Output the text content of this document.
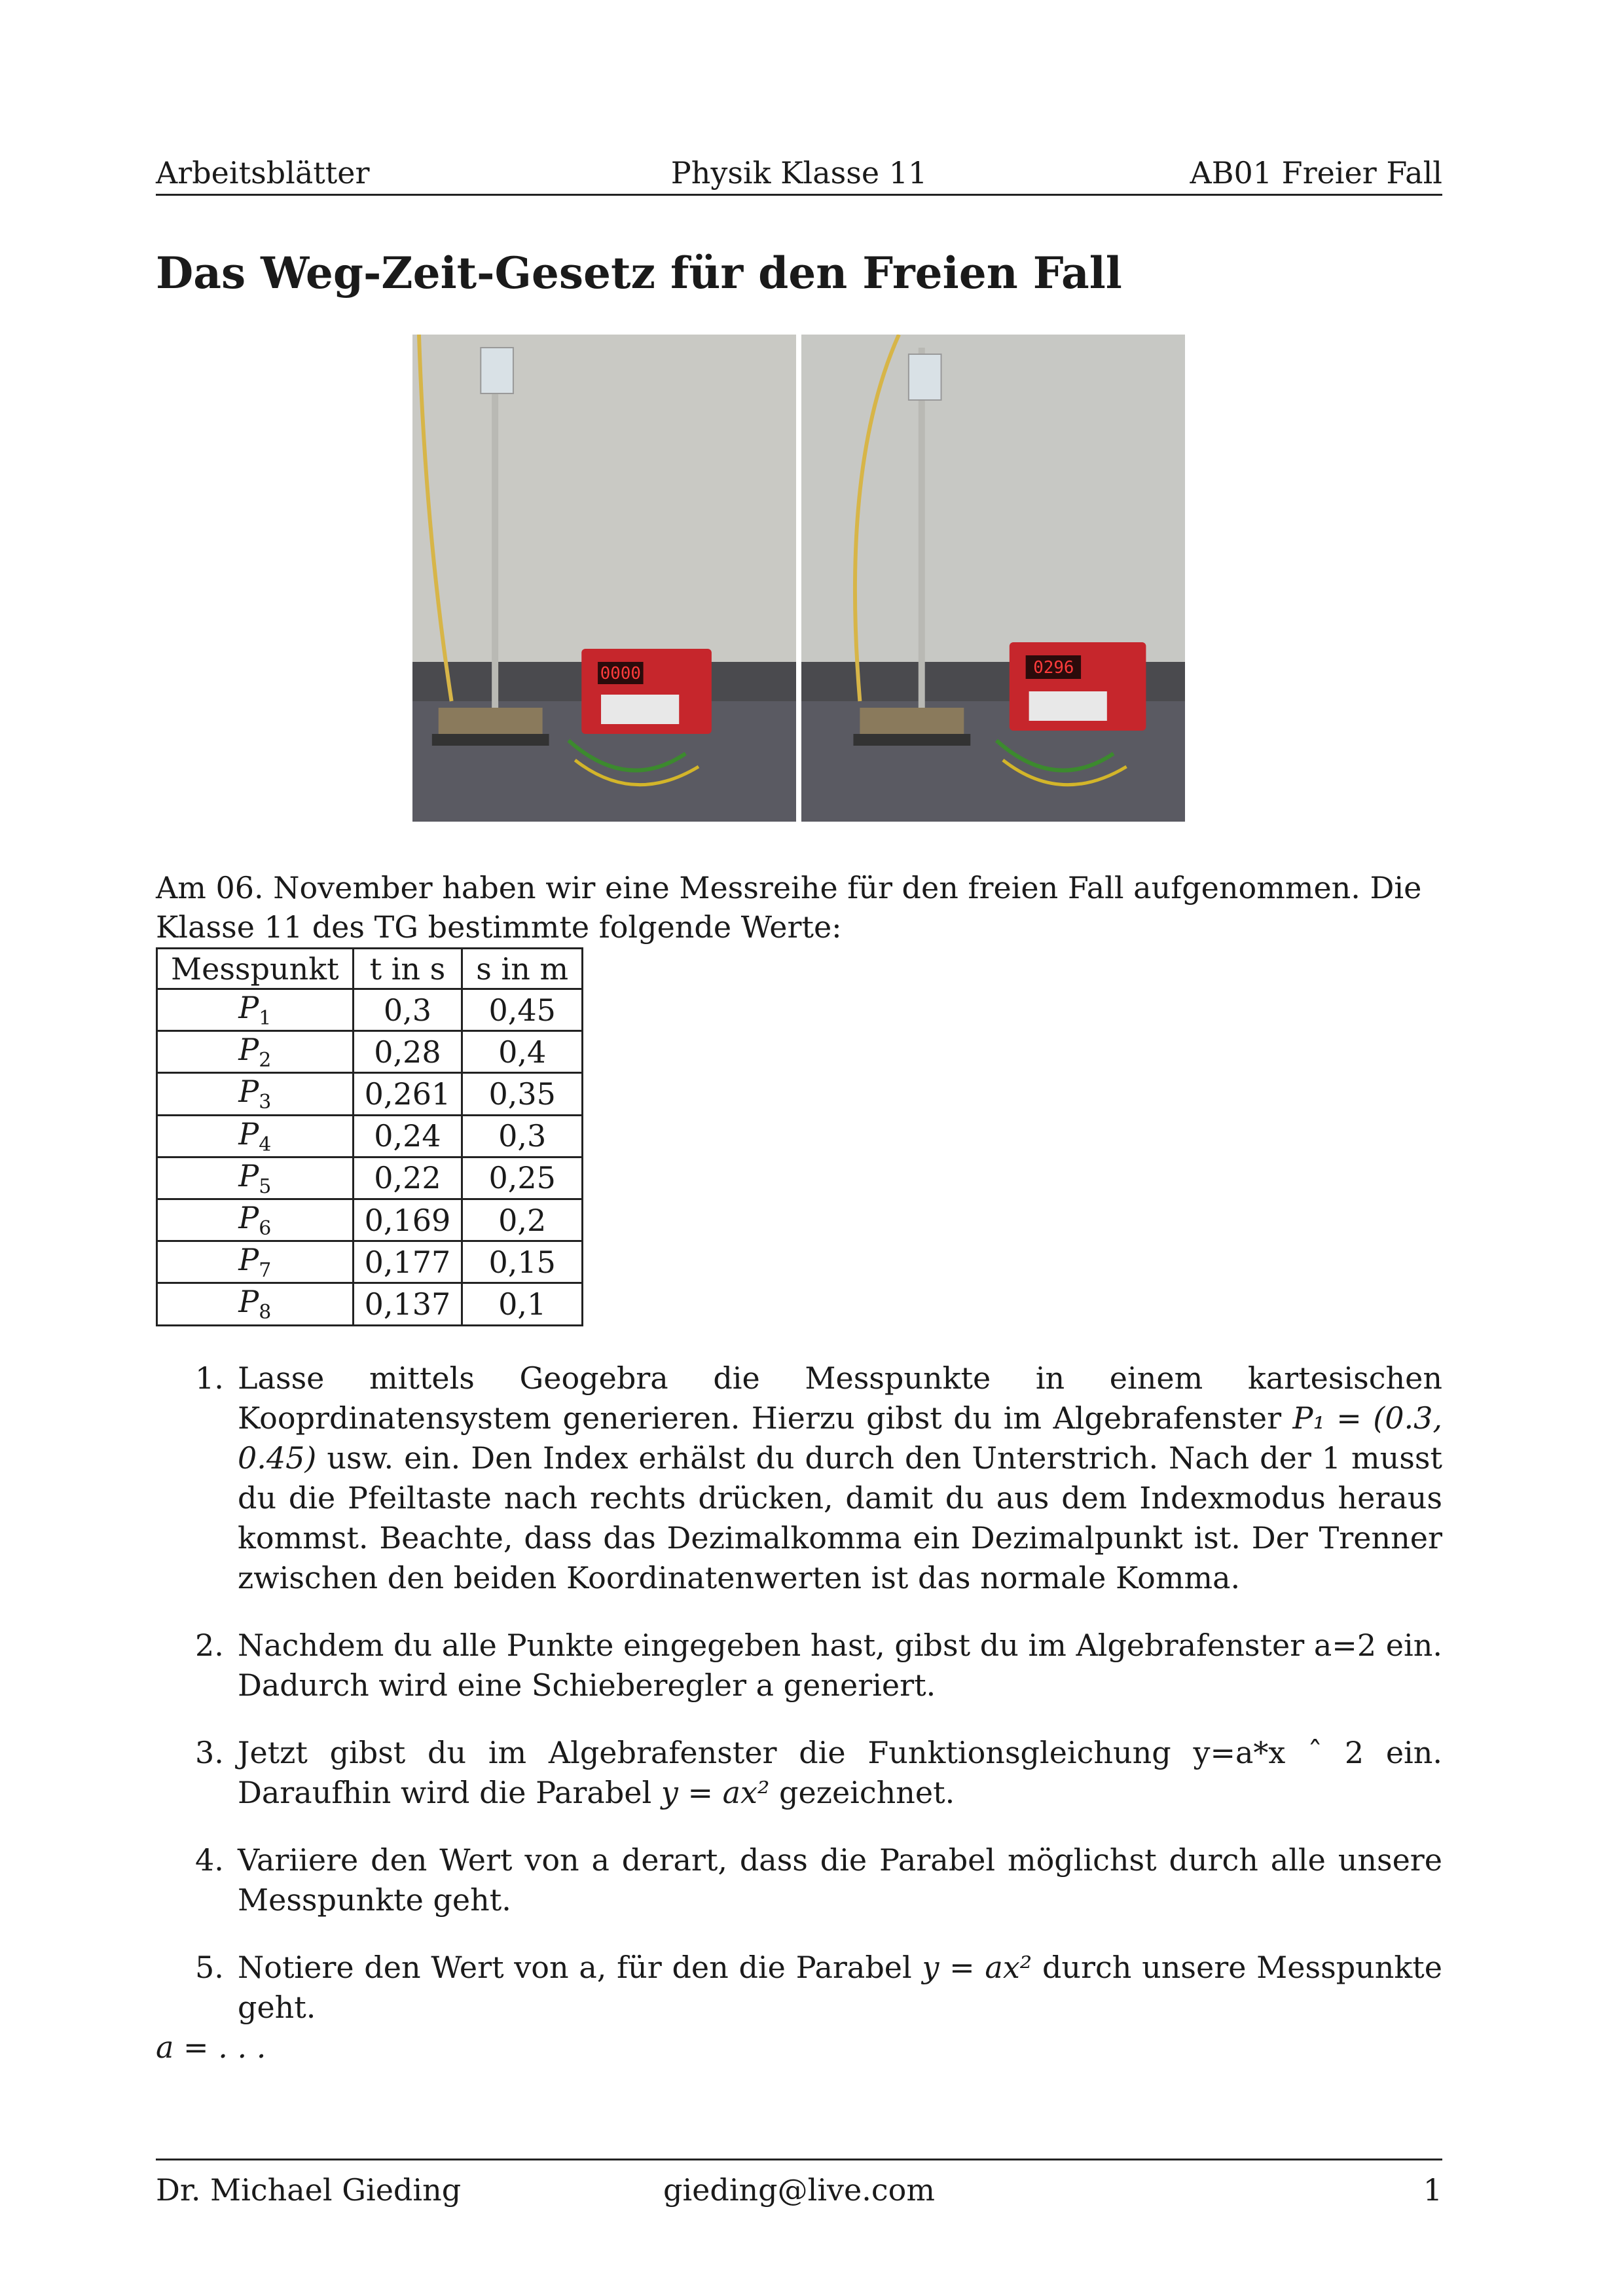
Arbeitsblätter	Physik Klasse 11	AB01 Freier Fall
Das Weg-Zeit-Gesetz für den Freien Fall
0000	0296
Am 06. November haben wir eine Messreihe für den freien Fall aufgenommen. Die Klasse 11 des TG bestimmte folgende Werte:
Messpunkt	t in s	s in m
$P_1$	0,3	0,45
$P_2$	0,28	0,4
$P_3$	0,261	0,35
$P_4$	0,24	0,3
$P_5$	0,22	0,25
$P_6$	0,169	0,2
$P_7$	0,177	0,15
$P_8$	0,137	0,1
1. Lasse mittels Geogebra die Messpunkte in einem kartesischen Kooprdinatensystem generieren. Hierzu gibst du im Algebrafenster P₁ = (0.3, 0.45) usw. ein. Den Index erhälst du durch den Unterstrich. Nach der 1 musst du die Pfeiltaste nach rechts drücken, damit du aus dem Indexmodus heraus kommst. Beachte, dass das Dezimalkomma ein Dezimalpunkt ist. Der Trenner zwischen den beiden Koordinatenwerten ist das normale Komma.
2. Nachdem du alle Punkte eingegeben hast, gibst du im Algebrafenster a=2 ein. Dadurch wird eine Schieberegler a generiert.
3. Jetzt gibst du im Algebrafenster die Funktionsgleichung y=a*x ˆ 2 ein. Daraufhin wird die Parabel y = ax² gezeichnet.
4. Variiere den Wert von a derart, dass die Parabel möglichst durch alle unsere Messpunkte geht.
5. Notiere den Wert von a, für den die Parabel y = ax² durch unsere Messpunkte geht.
a = . . .
Dr. Michael Gieding	gieding@live.com	1
